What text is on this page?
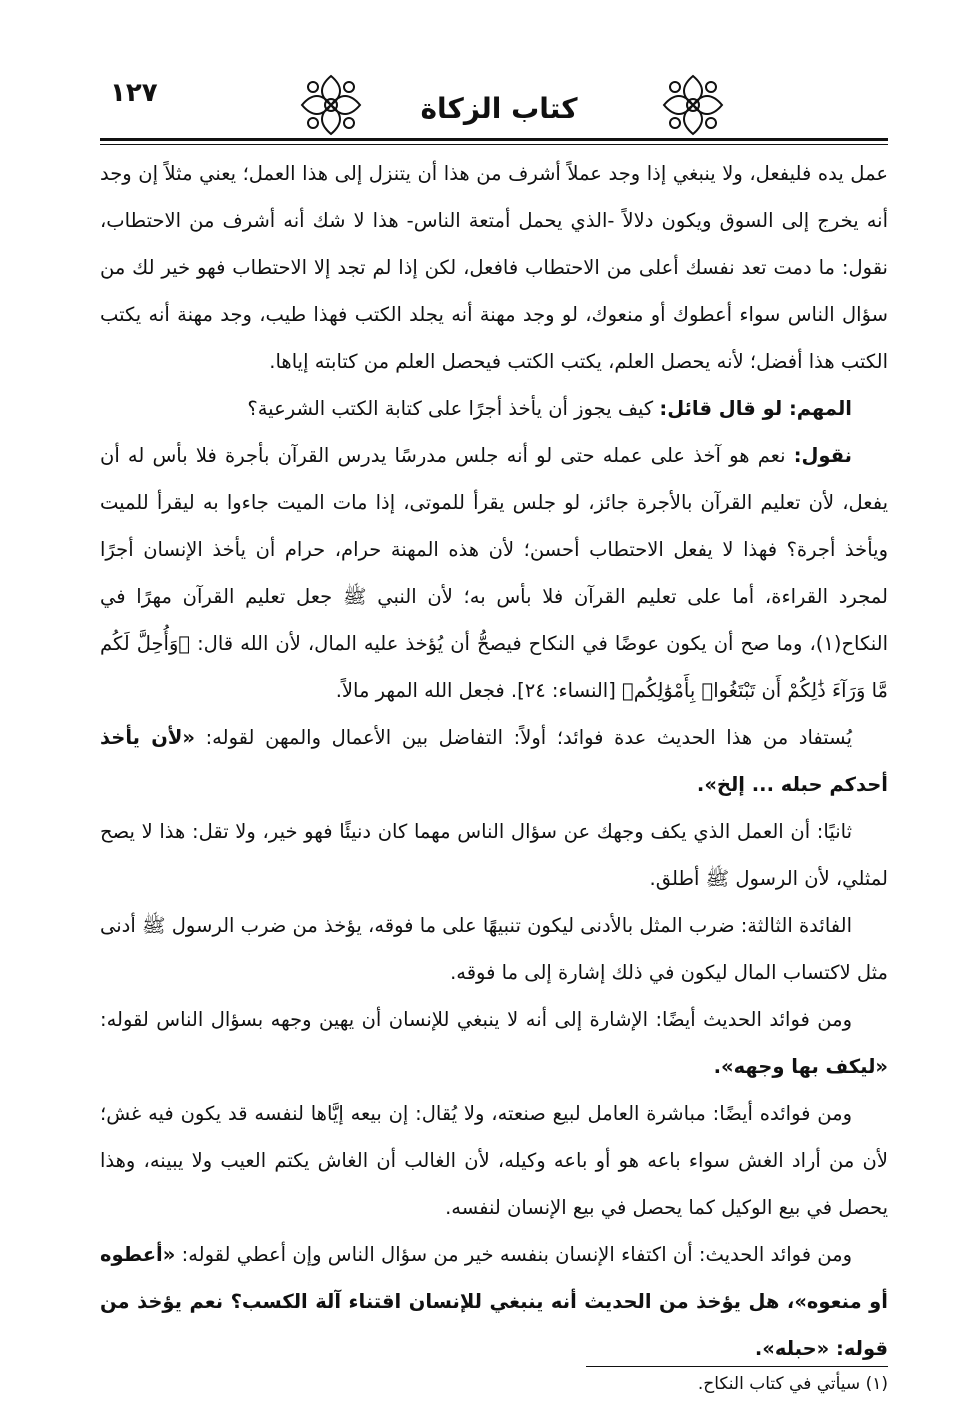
١٢٧	كتاب الزكاة

عمل يده فليفعل، ولا ينبغي إذا وجد عملاً أشرف من هذا أن يتنزل إلى هذا العمل؛ يعني مثلاً إن وجد أنه يخرج إلى السوق ويكون دلالاً -الذي يحمل أمتعة الناس- هذا لا شك أنه أشرف من الاحتطاب، نقول: ما دمت تعد نفسك أعلى من الاحتطاب فافعل، لكن إذا لم تجد إلا الاحتطاب فهو خير لك من سؤال الناس سواء أعطوك أو منعوك، لو وجد مهنة أنه يجلد الكتب فهذا طيب، وجد مهنة أنه يكتب الكتب هذا أفضل؛ لأنه يحصل العلم، يكتب الكتب فيحصل العلم من كتابته إياها.

المهم: لو قال قائل: كيف يجوز أن يأخذ أجرًا على كتابة الكتب الشرعية؟

نقول: نعم هو آخذ على عمله حتى لو أنه جلس مدرسًا يدرس القرآن بأجرة فلا بأس له أن يفعل، لأن تعليم القرآن بالأجرة جائز، لو جلس يقرأ للموتى، إذا مات الميت جاءوا به ليقرأ للميت ويأخذ أجرة؟ فهذا لا يفعل الاحتطاب أحسن؛ لأن هذه المهنة حرام، حرام أن يأخذ الإنسان أجرًا لمجرد القراءة، أما على تعليم القرآن فلا بأس به؛ لأن النبي ﷺ جعل تعليم القرآن مهرًا في النكاح(١)، وما صح أن يكون عوضًا في النكاح فيصحُّ أن يُؤخذ عليه المال، لأن الله قال: ﴿وَأُحِلَّ لَكُم مَّا وَرَآءَ ذَٰلِكُمْ أَن تَبْتَغُوا۟ بِأَمْوَٰلِكُم﴾ [النساء: ٢٤]. فجعل الله المهر مالاً.

يُستفاد من هذا الحديث عدة فوائد؛ أولاً: التفاضل بين الأعمال والمهن لقوله: «لأن يأخذ أحدكم حبله ... إلخ».

ثانيًا: أن العمل الذي يكف وجهك عن سؤال الناس مهما كان دنيئًا فهو خير، ولا تقل: هذا لا يصح لمثلي، لأن الرسول ﷺ أطلق.

الفائدة الثالثة: ضرب المثل بالأدنى ليكون تنبيهًا على ما فوقه، يؤخذ من ضرب الرسول ﷺ أدنى مثل لاكتساب المال ليكون في ذلك إشارة إلى ما فوقه.

ومن فوائد الحديث أيضًا: الإشارة إلى أنه لا ينبغي للإنسان أن يهين وجهه بسؤال الناس لقوله: «ليكف بها وجهه».

ومن فوائده أيضًا: مباشرة العامل لبيع صنعته، ولا يُقال: إن بيعه إيَّاها لنفسه قد يكون فيه غش؛ لأن من أراد الغش سواء باعه هو أو باعه وكيله، لأن الغالب أن الغاش يكتم العيب ولا يبينه، وهذا يحصل في بيع الوكيل كما يحصل في بيع الإنسان لنفسه.

ومن فوائد الحديث: أن اكتفاء الإنسان بنفسه خير من سؤال الناس وإن أعطي لقوله: «أعطوه أو منعوه»، هل يؤخذ من الحديث أنه ينبغي للإنسان اقتناء آلة الكسب؟ نعم يؤخذ من قوله: «حبله».

(١) سيأتي في كتاب النكاح.
